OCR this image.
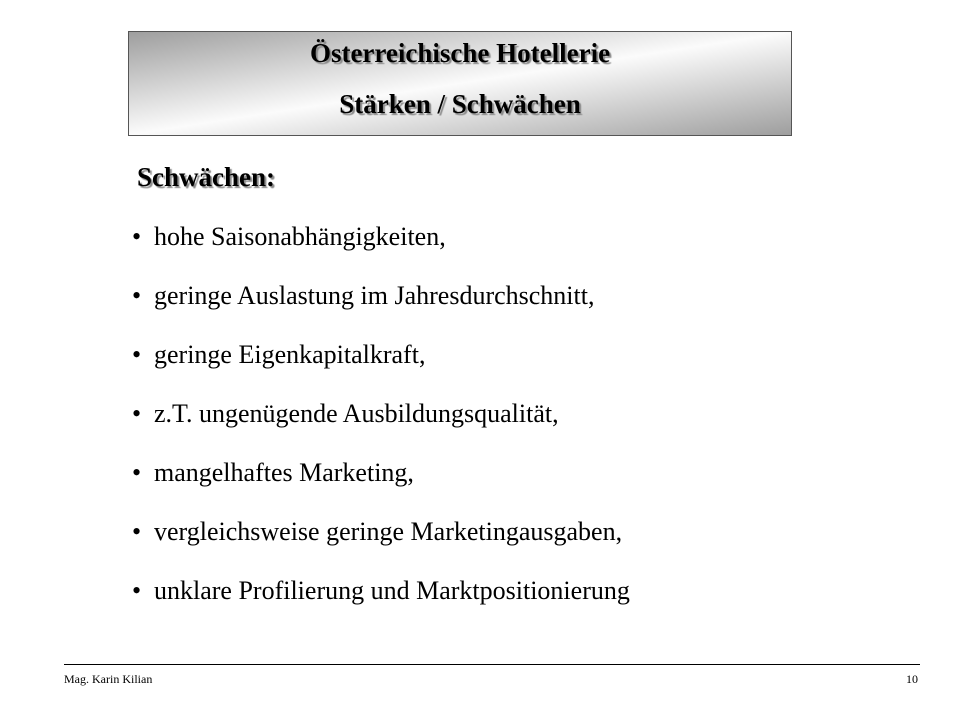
Österreichische Hotellerie
Stärken / Schwächen
Schwächen:
• hohe Saisonabhängigkeiten,
• geringe Auslastung im Jahresdurchschnitt,
• geringe Eigenkapitalkraft,
• z.T. ungenügende Ausbildungsqualität,
• mangelhaftes Marketing,
• vergleichsweise geringe Marketingausgaben,
• unklare Profilierung und Marktpositionierung
Mag. Karin Kilian	10
